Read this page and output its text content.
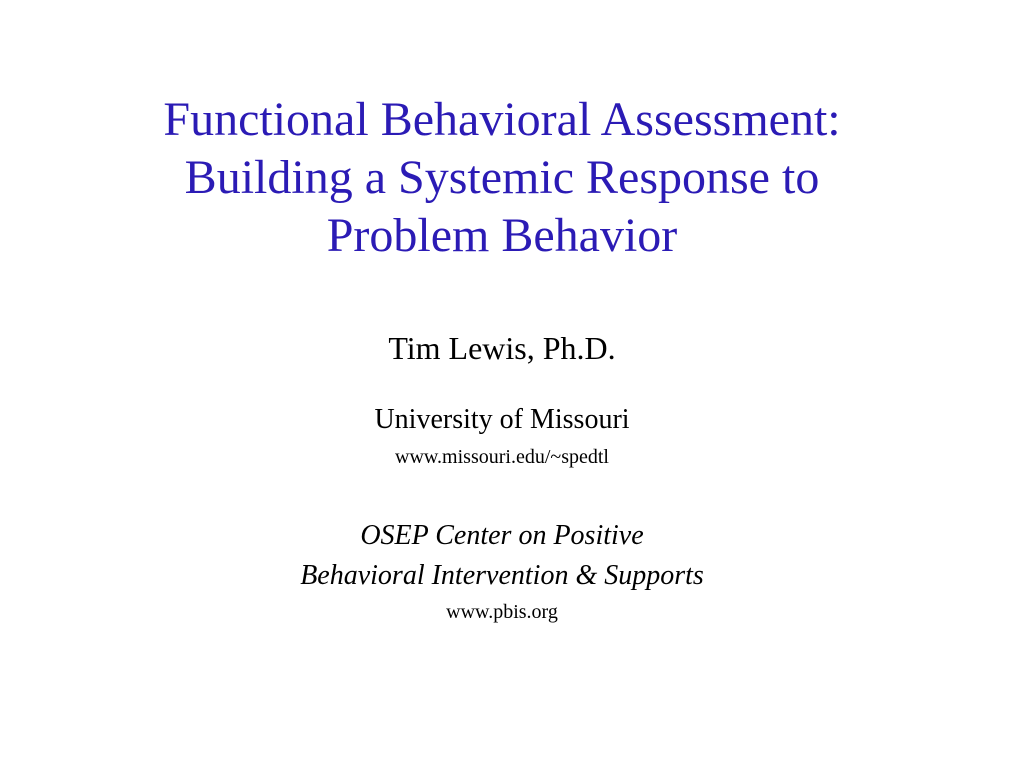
Functional Behavioral Assessment:
Building a Systemic Response to
Problem Behavior

Tim Lewis, Ph.D.

University of Missouri

www.missouri.edu/~spedtl

OSEP Center on Positive
Behavioral Intervention & Supports

www.pbis.org
